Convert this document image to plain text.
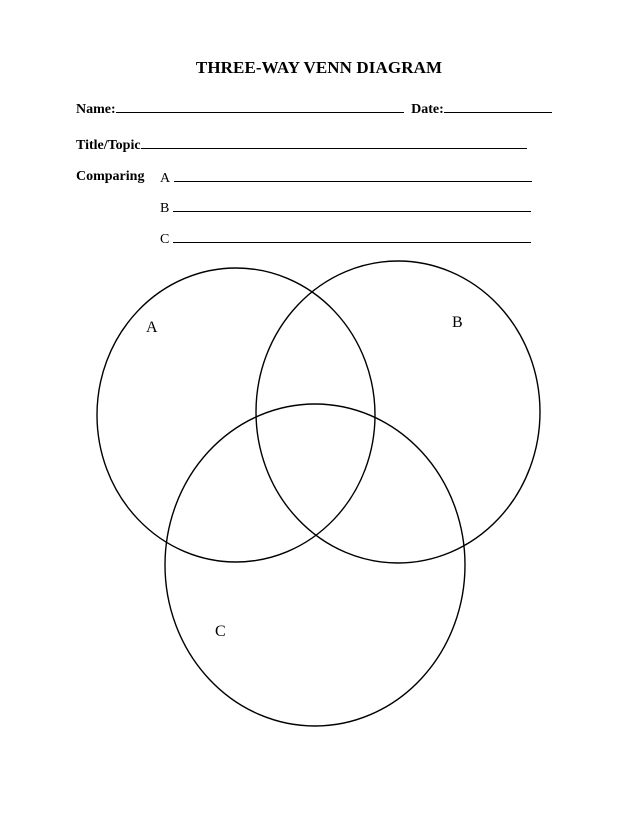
THREE-WAY VENN DIAGRAM
Name:	Date:
Title/Topic
Comparing A
B
C
A	B
C
